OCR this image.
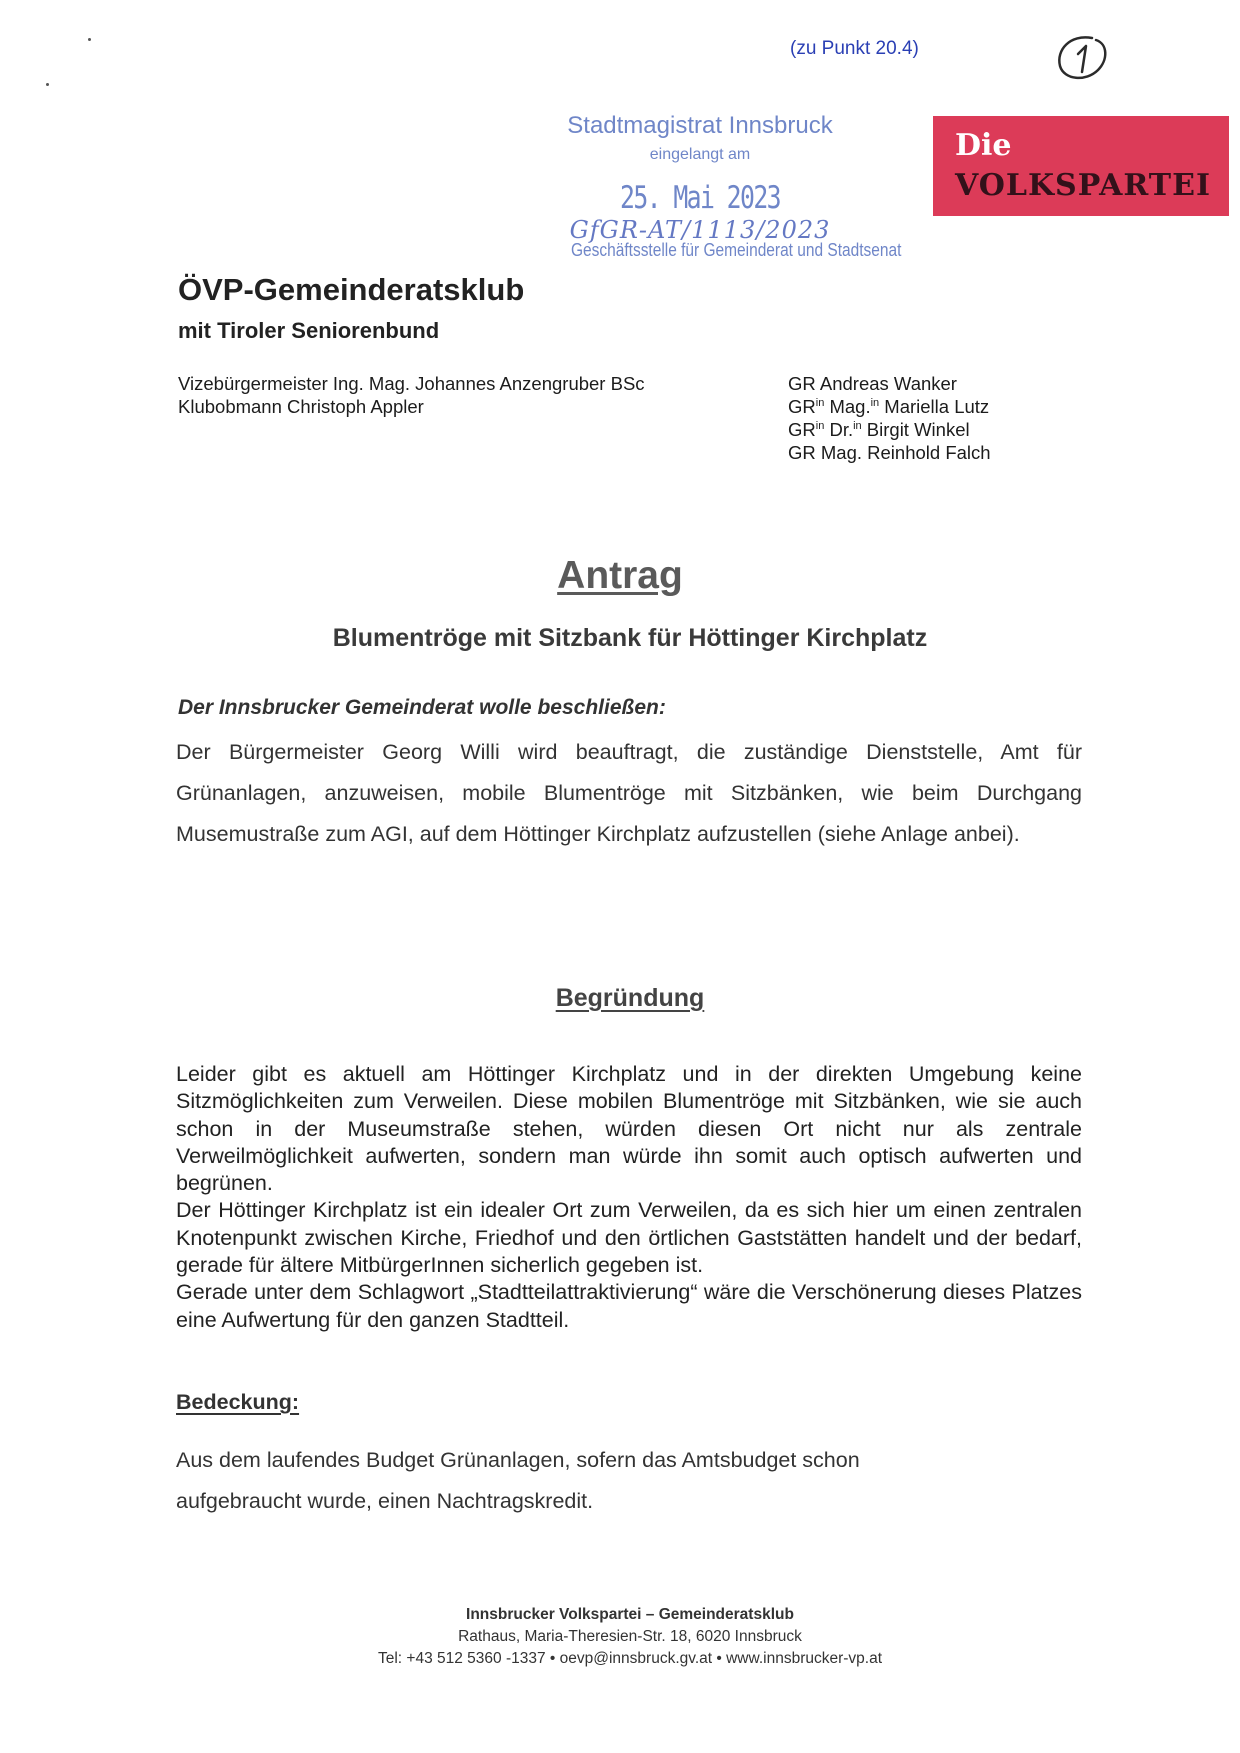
(zu Punkt 20.4)
Stadtmagistrat Innsbruck
eingelangt am
25. Mai 2023
GfGR-AT/1113/2023
Geschäftsstelle für Gemeinderat und Stadtsenat
Die
VOLKSPARTEI
ÖVP-Gemeinderatsklub
mit Tiroler Seniorenbund
Vizebürgermeister Ing. Mag. Johannes Anzengruber BSc
Klubobmann Christoph Appler
GR Andreas Wanker
$GR^{in}$ Mag.$^{in}$ Mariella Lutz
$GR^{in}$ Dr.$^{in}$ Birgit Winkel
GR Mag. Reinhold Falch
Antrag
Blumentröge mit Sitzbank für Höttinger Kirchplatz
Der Innsbrucker Gemeinderat wolle beschließen:
Der Bürgermeister Georg Willi wird beauftragt, die zuständige Dienststelle, Amt für Grünanlagen, anzuweisen, mobile Blumentröge mit Sitzbänken, wie beim Durchgang Musemustraße zum AGI, auf dem Höttinger Kirchplatz aufzustellen (siehe Anlage anbei).
Begründung

Leider gibt es aktuell am Höttinger Kirchplatz und in der direkten Umgebung keine Sitzmöglichkeiten zum Verweilen. Diese mobilen Blumentröge mit Sitzbänken, wie sie auch schon in der Museumstraße stehen, würden diesen Ort nicht nur als zentrale Verweilmöglichkeit aufwerten, sondern man würde ihn somit auch optisch aufwerten und begrünen.

Der Höttinger Kirchplatz ist ein idealer Ort zum Verweilen, da es sich hier um einen zentralen Knotenpunkt zwischen Kirche, Friedhof und den örtlichen Gaststätten handelt und der bedarf, gerade für ältere MitbürgerInnen sicherlich gegeben ist.

Gerade unter dem Schlagwort „Stadtteilattraktivierung“ wäre die Verschönerung dieses Platzes eine Aufwertung für den ganzen Stadtteil.

Bedeckung:
Aus dem laufendes Budget Grünanlagen, sofern das Amtsbudget schon aufgebraucht wurde, einen Nachtragskredit.
Innsbrucker Volkspartei – Gemeinderatsklub
Rathaus, Maria-Theresien-Str. 18, 6020 Innsbruck
Tel: +43 512 5360 -1337 • oevp@innsbruck.gv.at • www.innsbrucker-vp.at
